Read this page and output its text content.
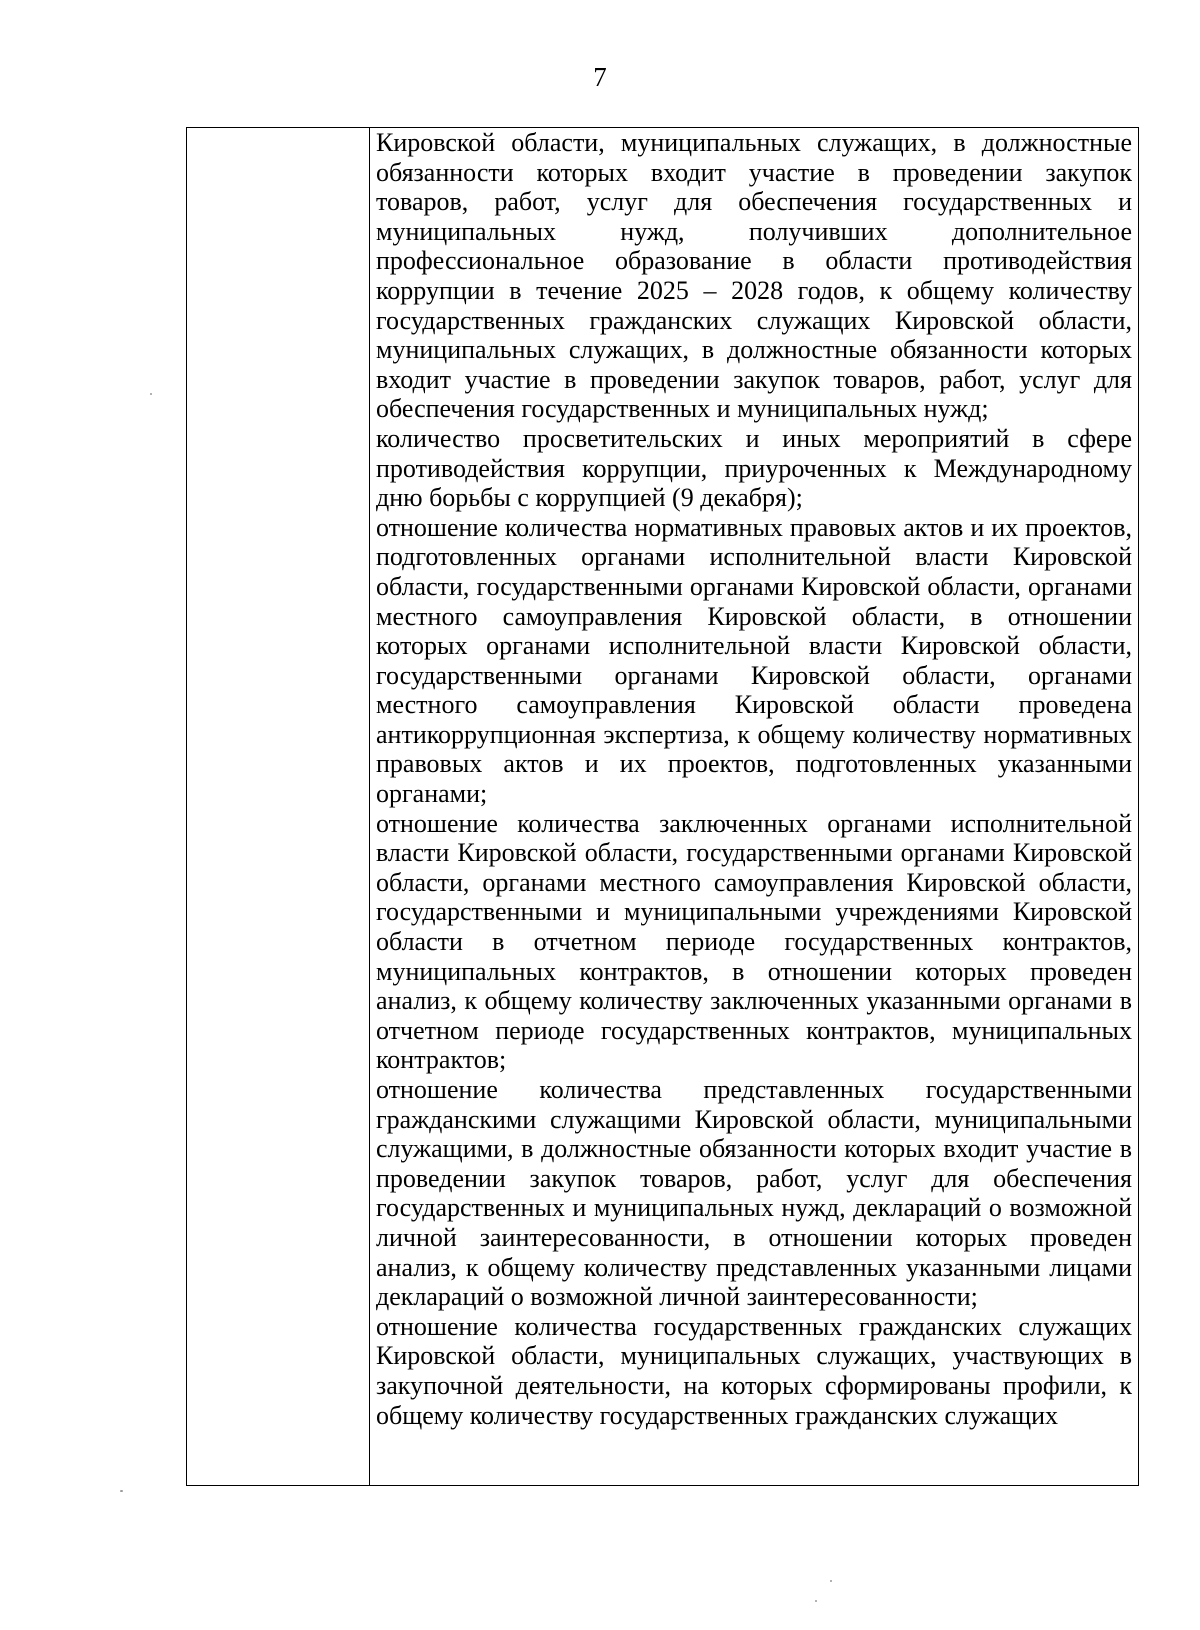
7

Кировской области, муниципальных служащих, в должностные обязанности которых входит участие в проведении закупок товаров, работ, услуг для обеспечения государственных и муниципальных нужд, получивших дополнительное профессиональное образование в области противодействия коррупции в течение 2025 – 2028 годов, к общему количеству государственных гражданских служащих Кировской области, муниципальных служащих, в должностные обязанности которых входит участие в проведении закупок товаров, работ, услуг для обеспечения государственных и муниципальных нужд;

количество просветительских и иных мероприятий в сфере противодействия коррупции, приуроченных к Международному дню борьбы с коррупцией (9 декабря);

отношение количества нормативных правовых актов и их проектов, подготовленных органами исполнительной власти Кировской области, государственными органами Кировской области, органами местного самоуправления Кировской области, в отношении которых органами исполнительной власти Кировской области, государственными органами Кировской области, органами местного самоуправления Кировской области проведена антикоррупционная экспертиза, к общему количеству нормативных правовых актов и их проектов, подготовленных указанными органами;

отношение количества заключенных органами исполнительной власти Кировской области, государственными органами Кировской области, органами местного самоуправления Кировской области, государственными и муниципальными учреждениями Кировской области в отчетном периоде государственных контрактов, муниципальных контрактов, в отношении которых проведен анализ, к общему количеству заключенных указанными органами в отчетном периоде государственных контрактов, муниципальных контрактов;

отношение количества представленных государственными гражданскими служащими Кировской области, муниципальными служащими, в должностные обязанности которых входит участие в проведении закупок товаров, работ, услуг для обеспечения государственных и муниципальных нужд, деклараций о возможной личной заинтересованности, в отношении которых проведен анализ, к общему количеству представленных указанными лицами деклараций о возможной личной заинтересованности;

отношение количества государственных гражданских служащих Кировской области, муниципальных служащих, участвующих в закупочной деятельности, на которых сформированы профили, к общему количеству государственных гражданских служащих
